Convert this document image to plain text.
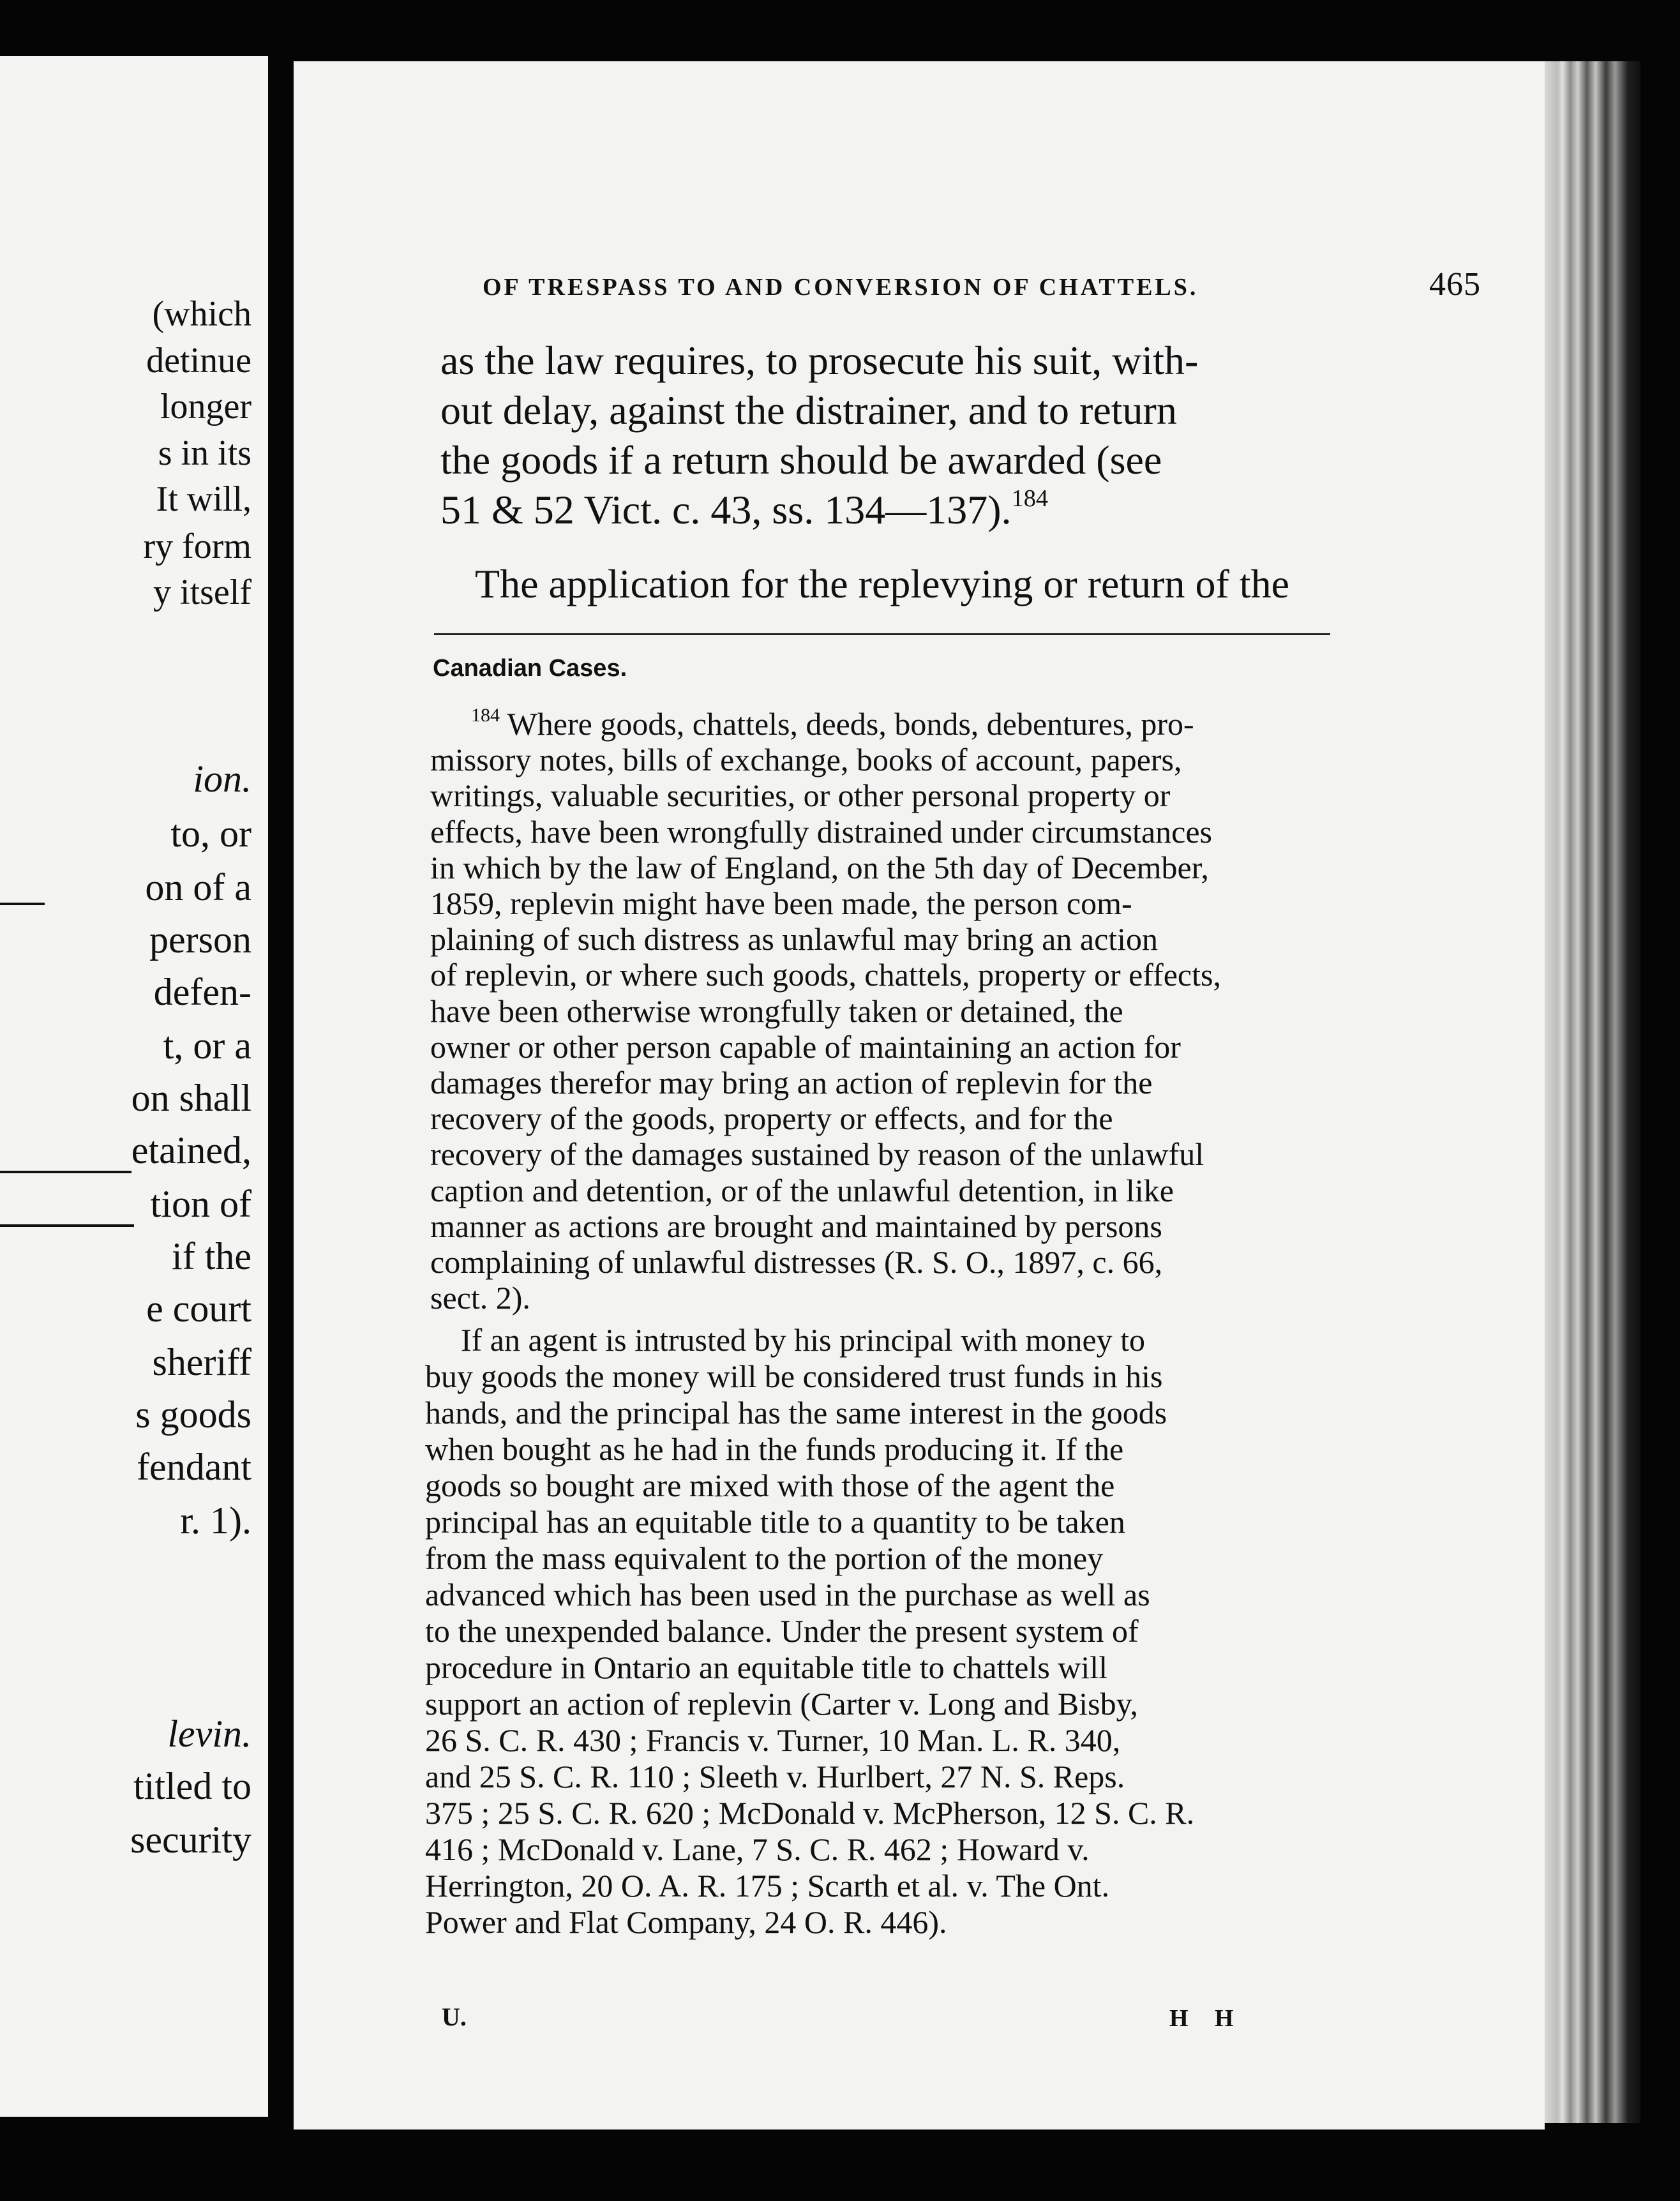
(which
detinue
longer
s in its
It will,
ry form
y itself
ion.
to, or
on of a
person
defen-
t, or a
on shall
etained,
tion of
if the
e court
sheriff
s goods
fendant
r. 1).
levin.
titled to
security
OF TRESPASS TO AND CONVERSION OF CHATTELS.	465
as the law requires, to prosecute his suit, with-
out delay, against the distrainer, and to return
the goods if a return should be awarded (see
51 & 52 Vict. c. 43, ss. 134—137).$^{184}$
The application for the replevying or return of the
Canadian Cases.
$^{184}$ Where goods, chattels, deeds, bonds, debentures, pro-
missory notes, bills of exchange, books of account, papers,
writings, valuable securities, or other personal property or
effects, have been wrongfully distrained under circumstances
in which by the law of England, on the 5th day of December,
1859, replevin might have been made, the person com-
plaining of such distress as unlawful may bring an action
of replevin, or where such goods, chattels, property or effects,
have been otherwise wrongfully taken or detained, the
owner or other person capable of maintaining an action for
damages therefor may bring an action of replevin for the
recovery of the goods, property or effects, and for the
recovery of the damages sustained by reason of the unlawful
caption and detention, or of the unlawful detention, in like
manner as actions are brought and maintained by persons
complaining of unlawful distresses (R. S. O., 1897, c. 66,
sect. 2).
If an agent is intrusted by his principal with money to
buy goods the money will be considered trust funds in his
hands, and the principal has the same interest in the goods
when bought as he had in the funds producing it. If the
goods so bought are mixed with those of the agent the
principal has an equitable title to a quantity to be taken
from the mass equivalent to the portion of the money
advanced which has been used in the purchase as well as
to the unexpended balance. Under the present system of
procedure in Ontario an equitable title to chattels will
support an action of replevin (Carter v. Long and Bisby,
26 S. C. R. 430 ; Francis v. Turner, 10 Man. L. R. 340,
and 25 S. C. R. 110 ; Sleeth v. Hurlbert, 27 N. S. Reps.
375 ; 25 S. C. R. 620 ; McDonald v. McPherson, 12 S. C. R.
416 ; McDonald v. Lane, 7 S. C. R. 462 ; Howard v.
Herrington, 20 O. A. R. 175 ; Scarth et al. v. The Ont.
Power and Flat Company, 24 O. R. 446).
U.	H H
